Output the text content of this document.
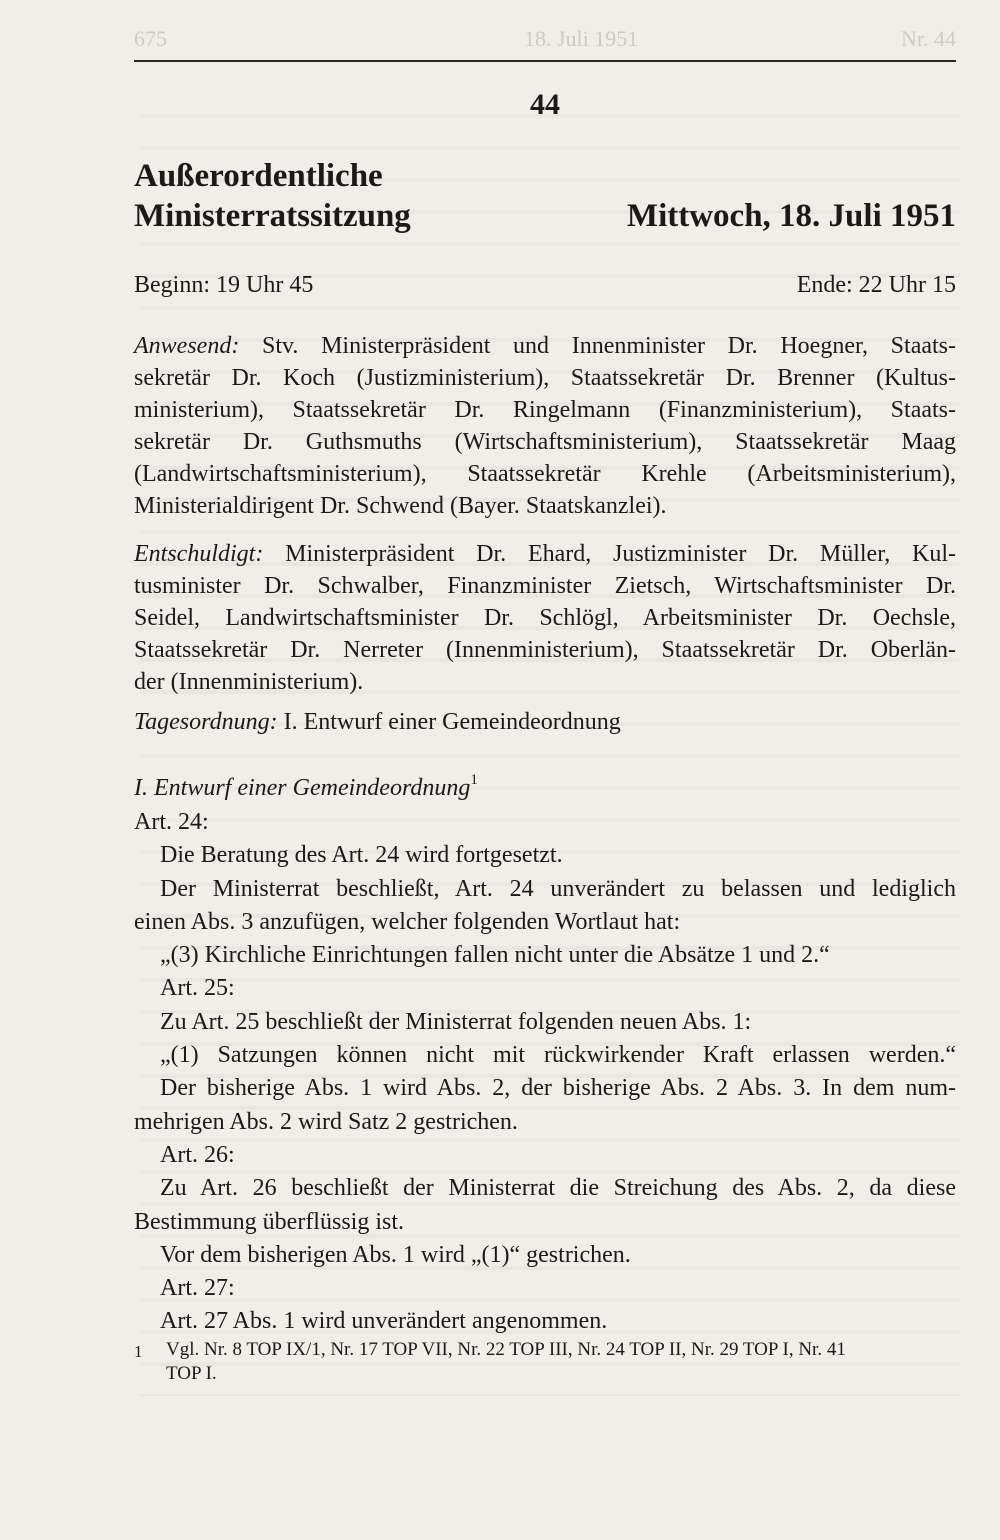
675	18. Juli 1951	Nr. 44
44
Außerordentliche
Ministerratssitzung	Mittwoch, 18. Juli 1951
Beginn: 19 Uhr 45	Ende: 22 Uhr 15
Anwesend: Stv. Ministerpräsident und Innenminister Dr. Hoegner, Staats-
sekretär Dr. Koch (Justizministerium), Staatssekretär Dr. Brenner (Kultus-
ministerium), Staatssekretär Dr. Ringelmann (Finanzministerium), Staats-
sekretär Dr. Guthsmuths (Wirtschaftsministerium), Staatssekretär Maag
(Landwirtschaftsministerium), Staatssekretär Krehle (Arbeitsministerium),
Ministerialdirigent Dr. Schwend (Bayer. Staatskanzlei).
Entschuldigt: Ministerpräsident Dr. Ehard, Justizminister Dr. Müller, Kul-
tusminister Dr. Schwalber, Finanzminister Zietsch, Wirtschaftsminister Dr.
Seidel, Landwirtschaftsminister Dr. Schlögl, Arbeitsminister Dr. Oechsle,
Staatssekretär Dr. Nerreter (Innenministerium), Staatssekretär Dr. Oberlän-
der (Innenministerium).
Tagesordnung: I. Entwurf einer Gemeindeordnung
I. Entwurf einer Gemeindeordnung$^1$
Art. 24:
Die Beratung des Art. 24 wird fortgesetzt.
Der Ministerrat beschließt, Art. 24 unverändert zu belassen und lediglich
einen Abs. 3 anzufügen, welcher folgenden Wortlaut hat:
„(3) Kirchliche Einrichtungen fallen nicht unter die Absätze 1 und 2.“
Art. 25:
Zu Art. 25 beschließt der Ministerrat folgenden neuen Abs. 1:
„(1) Satzungen können nicht mit rückwirkender Kraft erlassen werden.“
Der bisherige Abs. 1 wird Abs. 2, der bisherige Abs. 2 Abs. 3. In dem num-
mehrigen Abs. 2 wird Satz 2 gestrichen.
Art. 26:
Zu Art. 26 beschließt der Ministerrat die Streichung des Abs. 2, da diese
Bestimmung überflüssig ist.
Vor dem bisherigen Abs. 1 wird „(1)“ gestrichen.
Art. 27:
Art. 27 Abs. 1 wird unverändert angenommen.
1 Vgl. Nr. 8 TOP IX/1, Nr. 17 TOP VII, Nr. 22 TOP III, Nr. 24 TOP II, Nr. 29 TOP I, Nr. 41
TOP I.
